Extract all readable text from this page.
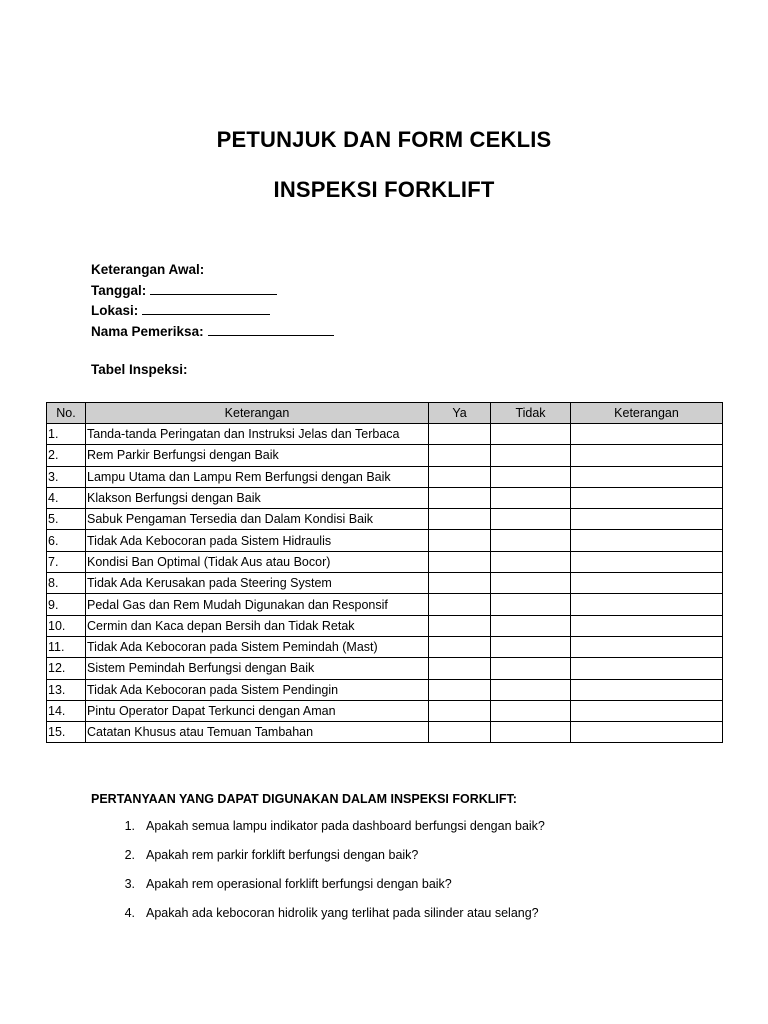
PETUNJUK DAN FORM CEKLIS
INSPEKSI FORKLIFT
Keterangan Awal:
Tanggal:
Lokasi:
Nama Pemeriksa:
Tabel Inspeksi:
No.	Keterangan	Ya	Tidak	Keterangan
1.	Tanda-tanda Peringatan dan Instruksi Jelas dan Terbaca			
2.	Rem Parkir Berfungsi dengan Baik			
3.	Lampu Utama dan Lampu Rem Berfungsi dengan Baik			
4.	Klakson Berfungsi dengan Baik			
5.	Sabuk Pengaman Tersedia dan Dalam Kondisi Baik			
6.	Tidak Ada Kebocoran pada Sistem Hidraulis			
7.	Kondisi Ban Optimal (Tidak Aus atau Bocor)			
8.	Tidak Ada Kerusakan pada Steering System			
9.	Pedal Gas dan Rem Mudah Digunakan dan Responsif			
10.	Cermin dan Kaca depan Bersih dan Tidak Retak			
11.	Tidak Ada Kebocoran pada Sistem Pemindah (Mast)			
12.	Sistem Pemindah Berfungsi dengan Baik			
13.	Tidak Ada Kebocoran pada Sistem Pendingin			
14.	Pintu Operator Dapat Terkunci dengan Aman			
15.	Catatan Khusus atau Temuan Tambahan			
PERTANYAAN YANG DAPAT DIGUNAKAN DALAM INSPEKSI FORKLIFT:
1. Apakah semua lampu indikator pada dashboard berfungsi dengan baik?
2. Apakah rem parkir forklift berfungsi dengan baik?
3. Apakah rem operasional forklift berfungsi dengan baik?
4. Apakah ada kebocoran hidrolik yang terlihat pada silinder atau selang?
